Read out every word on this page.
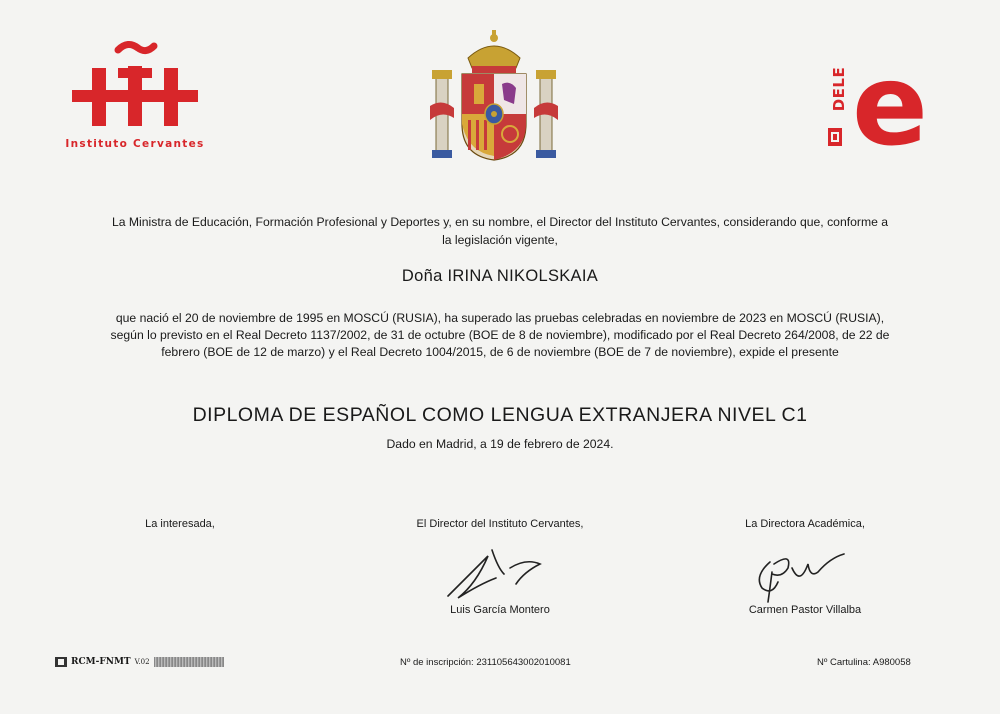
Instituto Cervantes
DELE e
La Ministra de Educación, Formación Profesional y Deportes y, en su nombre, el Director del Instituto Cervantes, considerando que, conforme a la legislación vigente,
Doña IRINA NIKOLSKAIA
que nació el 20 de noviembre de 1995 en MOSCÚ (RUSIA), ha superado las pruebas celebradas en noviembre de 2023 en MOSCÚ (RUSIA), según lo previsto en el Real Decreto 1137/2002, de 31 de octubre (BOE de 8 de noviembre), modificado por el Real Decreto 264/2008, de 22 de febrero (BOE de 12 de marzo) y el Real Decreto 1004/2015, de 6 de noviembre (BOE de 7 de noviembre), expide el presente
DIPLOMA DE ESPAÑOL COMO LENGUA EXTRANJERA NIVEL C1
Dado en Madrid, a 19 de febrero de 2024.
La interesada,	El Director del Instituto Cervantes,	La Directora Académica,
Luis García Montero	Carmen Pastor Villalba
RCM-FNMT V.02	Nº de inscripción: 23110564300201008​1	Nº Cartulina: A980058
